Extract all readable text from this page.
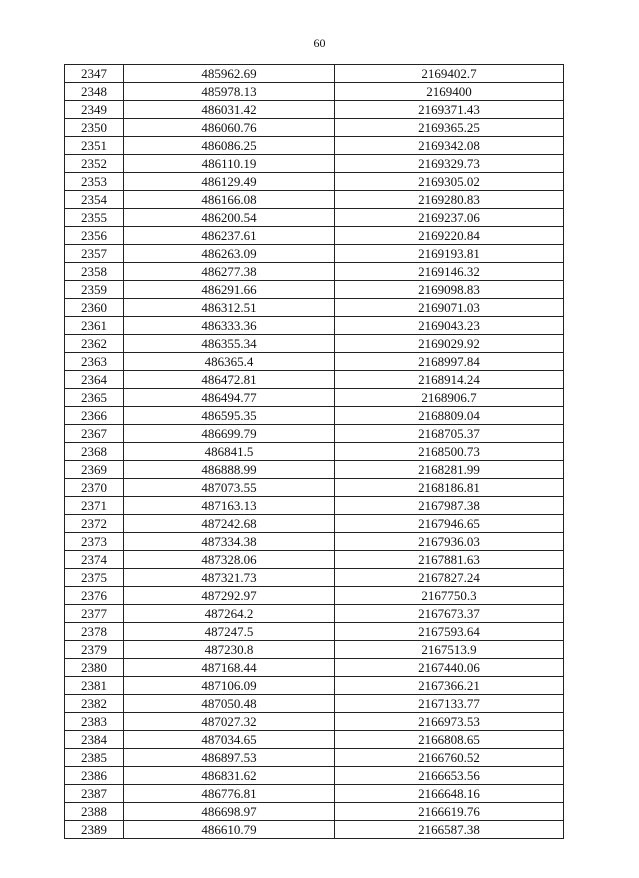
60
2347	485962.69	2169402.7
2348	485978.13	2169400
2349	486031.42	2169371.43
2350	486060.76	2169365.25
2351	486086.25	2169342.08
2352	486110.19	2169329.73
2353	486129.49	2169305.02
2354	486166.08	2169280.83
2355	486200.54	2169237.06
2356	486237.61	2169220.84
2357	486263.09	2169193.81
2358	486277.38	2169146.32
2359	486291.66	2169098.83
2360	486312.51	2169071.03
2361	486333.36	2169043.23
2362	486355.34	2169029.92
2363	486365.4	2168997.84
2364	486472.81	2168914.24
2365	486494.77	2168906.7
2366	486595.35	2168809.04
2367	486699.79	2168705.37
2368	486841.5	2168500.73
2369	486888.99	2168281.99
2370	487073.55	2168186.81
2371	487163.13	2167987.38
2372	487242.68	2167946.65
2373	487334.38	2167936.03
2374	487328.06	2167881.63
2375	487321.73	2167827.24
2376	487292.97	2167750.3
2377	487264.2	2167673.37
2378	487247.5	2167593.64
2379	487230.8	2167513.9
2380	487168.44	2167440.06
2381	487106.09	2167366.21
2382	487050.48	2167133.77
2383	487027.32	2166973.53
2384	487034.65	2166808.65
2385	486897.53	2166760.52
2386	486831.62	2166653.56
2387	486776.81	2166648.16
2388	486698.97	2166619.76
2389	486610.79	2166587.38
